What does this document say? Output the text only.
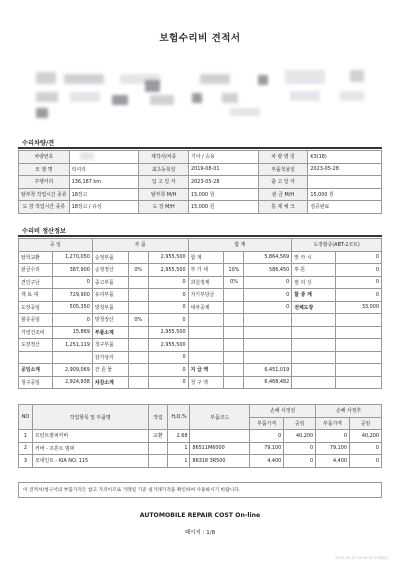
보험수리비 견적서
수리차량/견
차량번호		제작사/차종	기아 / 승용	차 량 명 칭	K3(18)
모 델 명	럭셔리	최초등록일	2019-08-01	부품적용일	2023-05-28
주행거리	136,187 km	입 고 일 자	2023-05-28	출 고 일 자	
탈부착 작업시간 종류	18장고	탈부착 M/H	15,000 원	판 금 M/H	15,000 원
도 장 작업시간 종류	18장고 / 유성	도 장 M/H	15,000 원	통 제 체 크	검증완료
수리비 정산정보
공 임		부 품			합 계			도장할증(ABT-2코트)	
탈착교환	1,270,050	순정부품		2,955,500	합 계		5,864,569	맞 카 시	0
판금수리	387,900	순정정산	0%	2,955,500	부 가 세	10%	586,450	투 톤	0
견인구난	0	중고부품		0	과실정계	0%	0	펄 리 싱	0
재 료 대	729,900	유리부품		0	자기부담금		0	할 증 계	0
도장공임	505,350	방청부품		0	대차공제		0	전체도장	33,000
할증공임	0	방청정산	0%	0					
가열건조비	15,869	부품소계		2,955,500					
도장정산	1,251,119	청구부품		2,955,500					
		감가상각		0					
공임소계	2,909,069	잔 존 물		0	지 급 액		6,451,019		
청구공임	2,924,938	차감소계		0	청 구 액		6,468,482		
NO	작업항목 및 부품명	작업	H,O,%	부품코드	손해 사정전		손해 사정후	
					부품가격	공임	부품가격	공임
1	프런트범퍼커버	교환	2.68		0	40,200	0	40,200
2	커버 - 프론트 범퍼		1	86511M6000	79,100	0	79,100	0
3	모네인트 - KIA NO. 115		1	86318 3R500	4,400	0	4,400	0
이 견적서/청구서의 부품가격은 참고 가격이므로 거래일 기준 실거래가격을 확인하여 사용하시기 바랍니다.
AUTOMOBILE REPAIR COST On-line
페이지 : 1/8
2023-05-31 13:36:45 525822
